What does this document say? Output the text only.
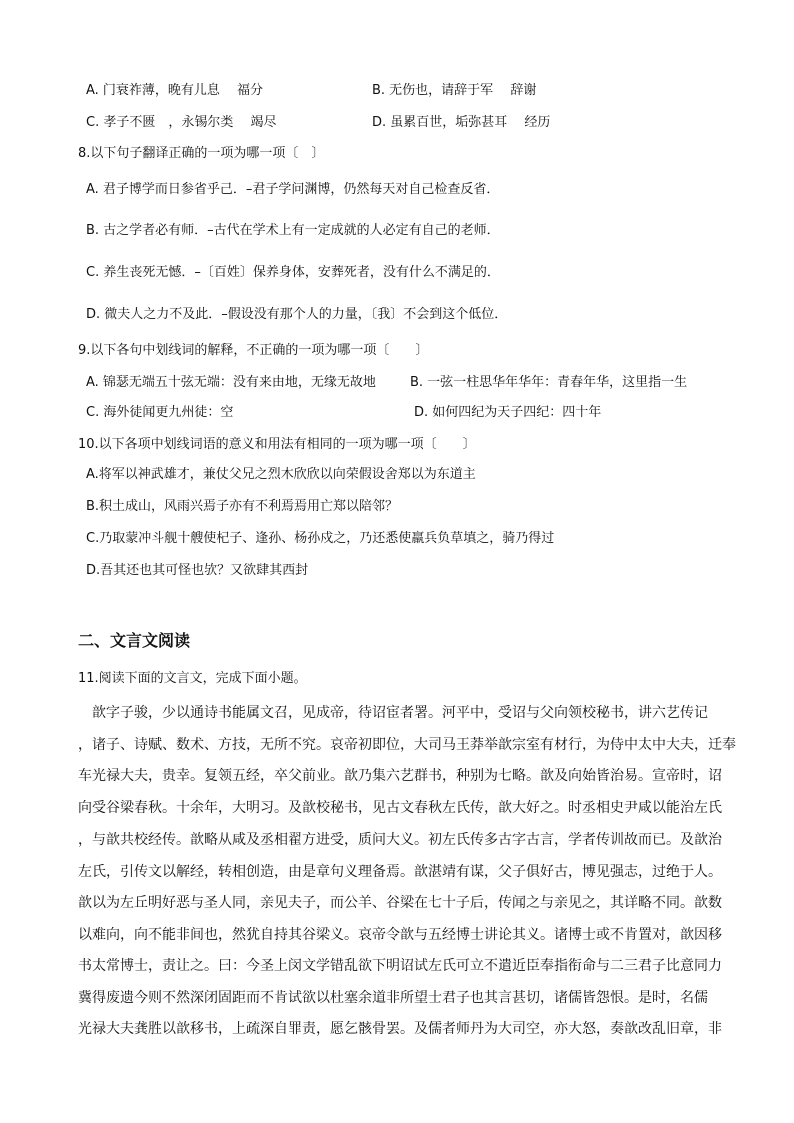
A. 门衰祚薄，晚有儿息　 福分	B. 无伤也，请辞于军　 辞谢
C. 孝子不匮　，永锡尔类　 竭尽	D. 虽累百世，垢弥甚耳　 经历
8.以下句子翻译正确的一项为哪一项〔　〕
A. 君子博学而日参省乎己．–君子学问渊博，仍然每天对自己检查反省．
B. 古之学者必有师．–古代在学术上有一定成就的人必定有自己的老师．
C. 养生丧死无憾．–〔百姓〕保养身体，安葬死者，没有什么不满足的．
D. 微夫人之力不及此．–假设没有那个人的力量，〔我〕不会到这个低位．
9.以下各句中划线词的解释，不正确的一项为哪一项〔　　〕
A. 锦瑟无端五十弦无端：没有来由地，无缘无故地	B. 一弦一柱思华年华年：青春年华，这里指一生
C. 海外徒闻更九州徒：空	D. 如何四纪为天子四纪：四十年
10.以下各项中划线词语的意义和用法有相同的一项为哪一项〔　　〕
A.将军以神武雄才，兼仗父兄之烈木欣欣以向荣假设舍郑以为东道主
B.积土成山，风雨兴焉子亦有不利焉焉用亡郑以陪邻？
C.乃取蒙冲斗舰十艘使杞子、逢孙、杨孙戍之，乃还悉使羸兵负草填之，骑乃得过
D.吾其还也其可怪也欤？又欲肆其西封
二、文言文阅读
11.阅读下面的文言文，完成下面小题。
歆字子骏，少以通诗书能属文召，见成帝，待诏宦者署。河平中，受诏与父向领校秘书，讲六艺传记
，诸子、诗赋、数术、方技，无所不究。哀帝初即位，大司马王莽举歆宗室有材行，为侍中太中大夫，迁奉
车光禄大夫，贵幸。复领五经，卒父前业。歆乃集六艺群书，种别为七略。歆及向始皆治易。宣帝时，诏
向受谷梁春秋。十余年，大明习。及歆校秘书，见古文春秋左氏传，歆大好之。时丞相史尹咸以能治左氏
，与歆共校经传。歆略从咸及丞相翟方进受，质问大义。初左氏传多古字古言，学者传训故而已。及歆治
左氏，引传文以解经，转相创造，由是章句义理备焉。歆湛靖有谋，父子俱好古，博见强志，过绝于人。
歆以为左丘明好恶与圣人同，亲见夫子，而公羊、谷梁在七十子后，传闻之与亲见之，其详略不同。歆数
以难向，向不能非间也，然犹自持其谷梁义。哀帝令歆与五经博士讲论其义。诸博士或不肯置对，歆因移
书太常博士，责让之。曰：今圣上闵文学错乱欲下明诏试左氏可立不遣近臣奉指衔命与二三君子比意同力
冀得废遗今则不然深闭固距而不肯试欲以杜塞余道非所望士君子也其言甚切，诸儒皆怨恨。是时，名儒
光禄大夫龚胜以歆移书，上疏深自罪责，愿乞骸骨罢。及儒者师丹为大司空，亦大怒，奏歆改乱旧章，非
